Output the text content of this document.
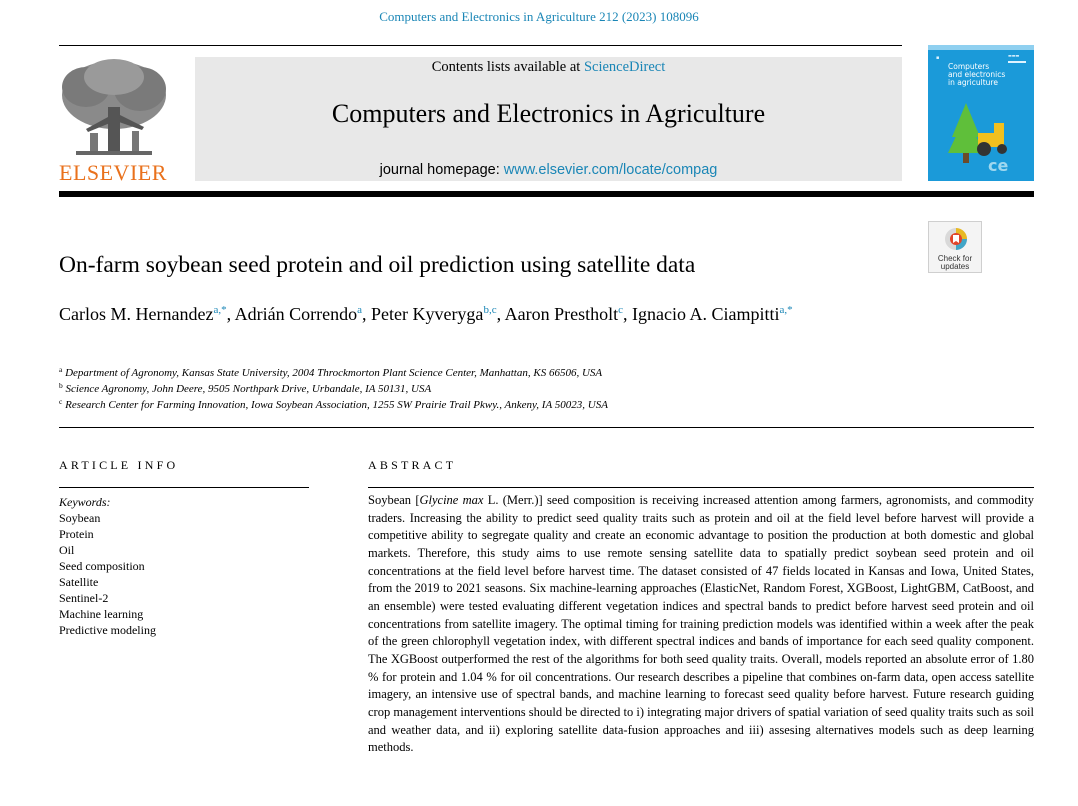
Computers and Electronics in Agriculture 212 (2023) 108096
ELSEVIER
Contents lists available at ScienceDirect
Computers and Electronics in Agriculture
journal homepage: www.elsevier.com/locate/compag
▪	▬▬▬
Computers
and electronics
in agriculture
ce
Check for
updates
On-farm soybean seed protein and oil prediction using satellite data
Carlos M. Hernandez$^{a,*}$, Adrián Correndo$^a$, Peter Kyveryga$^{b,c}$, Aaron Prestholt$^c$, Ignacio A. Ciampitti$^{a,*}$
$^a$ Department of Agronomy, Kansas State University, 2004 Throckmorton Plant Science Center, Manhattan, KS 66506, USA
$^b$ Science Agronomy, John Deere, 9505 Northpark Drive, Urbandale, IA 50131, USA
$^c$ Research Center for Farming Innovation, Iowa Soybean Association, 1255 SW Prairie Trail Pkwy., Ankeny, IA 50023, USA
ARTICLE INFO	ABSTRACT
Keywords:
Soybean
Protein
Oil
Seed composition
Satellite
Sentinel-2
Machine learning
Predictive modeling

Soybean [Glycine max L. (Merr.)] seed composition is receiving increased attention among farmers, agronomists, and commodity traders. Increasing the ability to predict seed quality traits such as protein and oil at the field level before harvest will provide a competitive ability to segregate quality and create an economic advantage to position the production at both domestic and global markets. Therefore, this study aims to use remote sensing satellite data to spatially predict soybean seed protein and oil concentrations at the field level before harvest time. The dataset consisted of 47 fields located in Kansas and Iowa, United States, from the 2019 to 2021 seasons. Six machine-learning approaches (ElasticNet, Random Forest, XGBoost, LightGBM, CatBoost, and an ensemble) were tested evaluating different vegetation indices and spectral bands to predict before harvest seed protein and oil concentrations from satellite imagery. The optimal timing for training prediction models was identified within a week after the peak of the green chlorophyll vegetation index, with different spectral indices and bands of importance for each seed quality component. The XGBoost outperformed the rest of the algorithms for both seed quality traits. Overall, models reported an absolute error of 1.80 % for protein and 1.04 % for oil concentrations. Our research describes a pipeline that combines on-farm data, open access satellite imagery, an intensive use of spectral bands, and machine learning to forecast seed quality before harvest. Future research guiding crop management interventions should be directed to i) integrating major drivers of spatial variation of seed quality traits such as soil and weather data, and ii) exploring satellite data-fusion approaches and iii) assesing alternatives models such as deep learning methods.
